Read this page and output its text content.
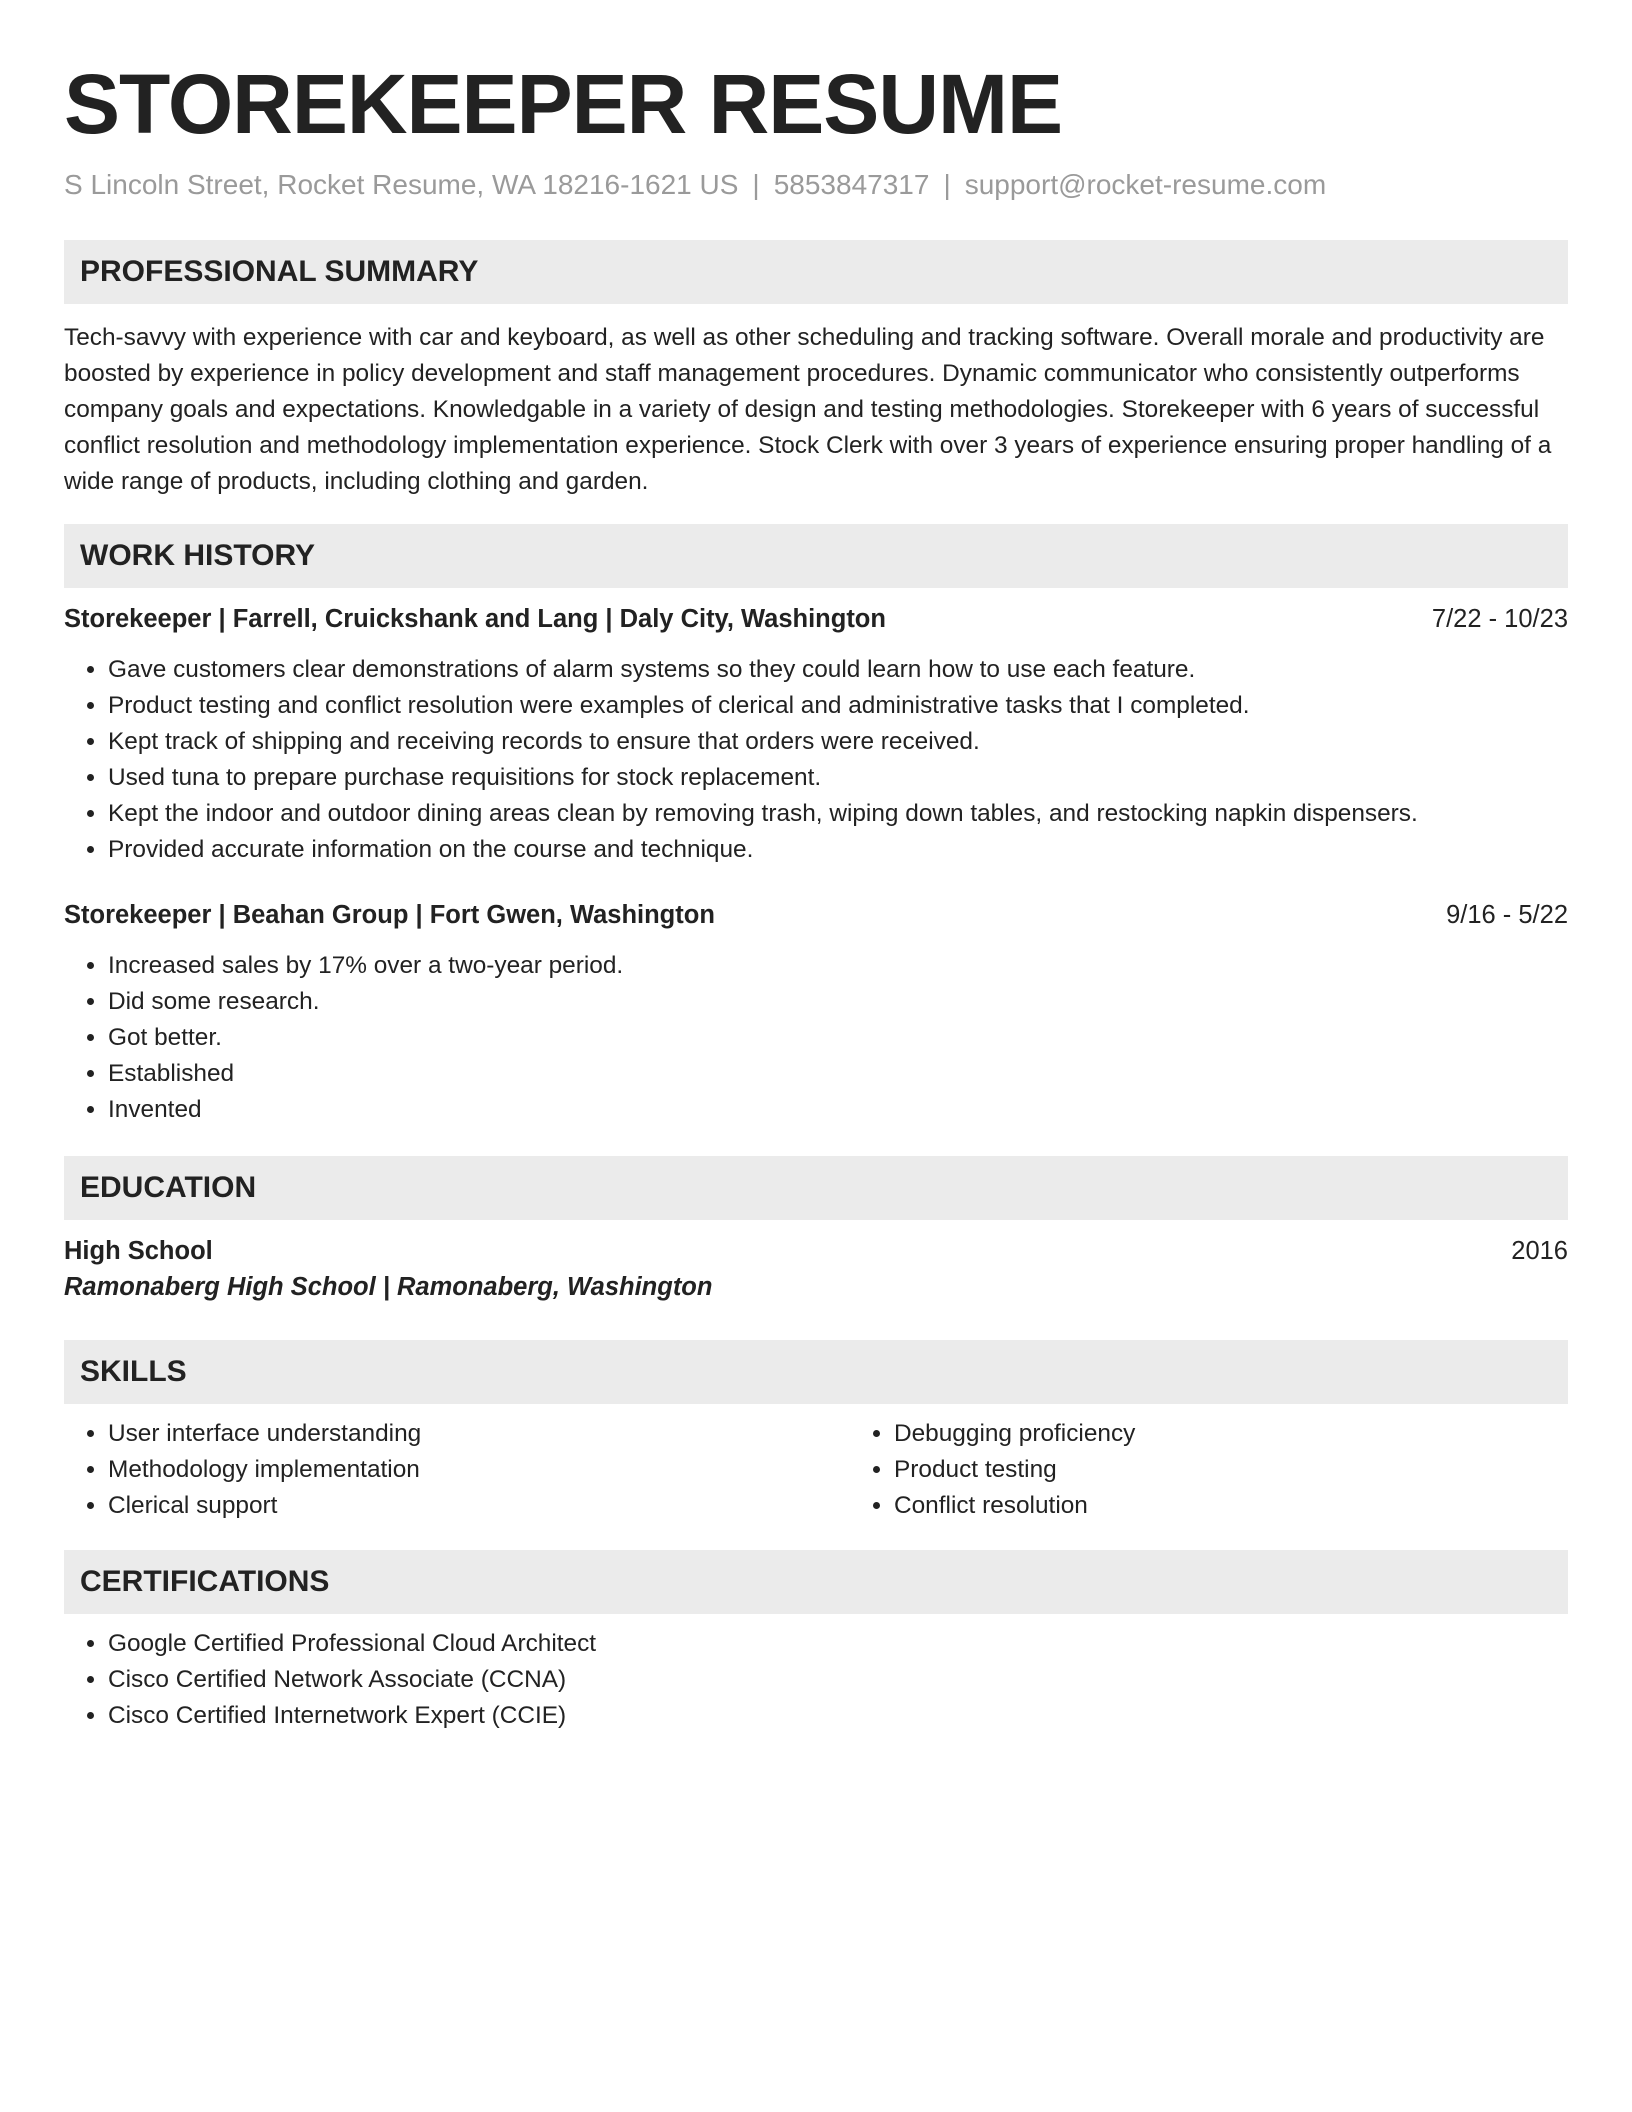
STOREKEEPER RESUME
S Lincoln Street, Rocket Resume, WA 18216-1621 US | 5853847317 | support@rocket-resume.com
PROFESSIONAL SUMMARY

Tech-savvy with experience with car and keyboard, as well as other scheduling and tracking software. Overall morale and productivity are boosted by experience in policy development and staff management procedures. Dynamic communicator who consistently outperforms company goals and expectations. Knowledgable in a variety of design and testing methodologies. Storekeeper with 6 years of successful conflict resolution and methodology implementation experience. Stock Clerk with over 3 years of experience ensuring proper handling of a wide range of products, including clothing and garden.

WORK HISTORY
Storekeeper | Farrell, Cruickshank and Lang | Daly City, Washington	7/22 - 10/23
• Gave customers clear demonstrations of alarm systems so they could learn how to use each feature.
• Product testing and conflict resolution were examples of clerical and administrative tasks that I completed.
• Kept track of shipping and receiving records to ensure that orders were received.
• Used tuna to prepare purchase requisitions for stock replacement.
• Kept the indoor and outdoor dining areas clean by removing trash, wiping down tables, and restocking napkin dispensers.
• Provided accurate information on the course and technique.
Storekeeper | Beahan Group | Fort Gwen, Washington	9/16 - 5/22
• Increased sales by 17% over a two-year period.
• Did some research.
• Got better.
• Established
• Invented
EDUCATION
High School	2016
Ramonaberg High School | Ramonaberg, Washington
SKILLS
• User interface understanding
• Methodology implementation
• Clerical support
• Debugging proficiency
• Product testing
• Conflict resolution
CERTIFICATIONS
• Google Certified Professional Cloud Architect
• Cisco Certified Network Associate (CCNA)
• Cisco Certified Internetwork Expert (CCIE)
